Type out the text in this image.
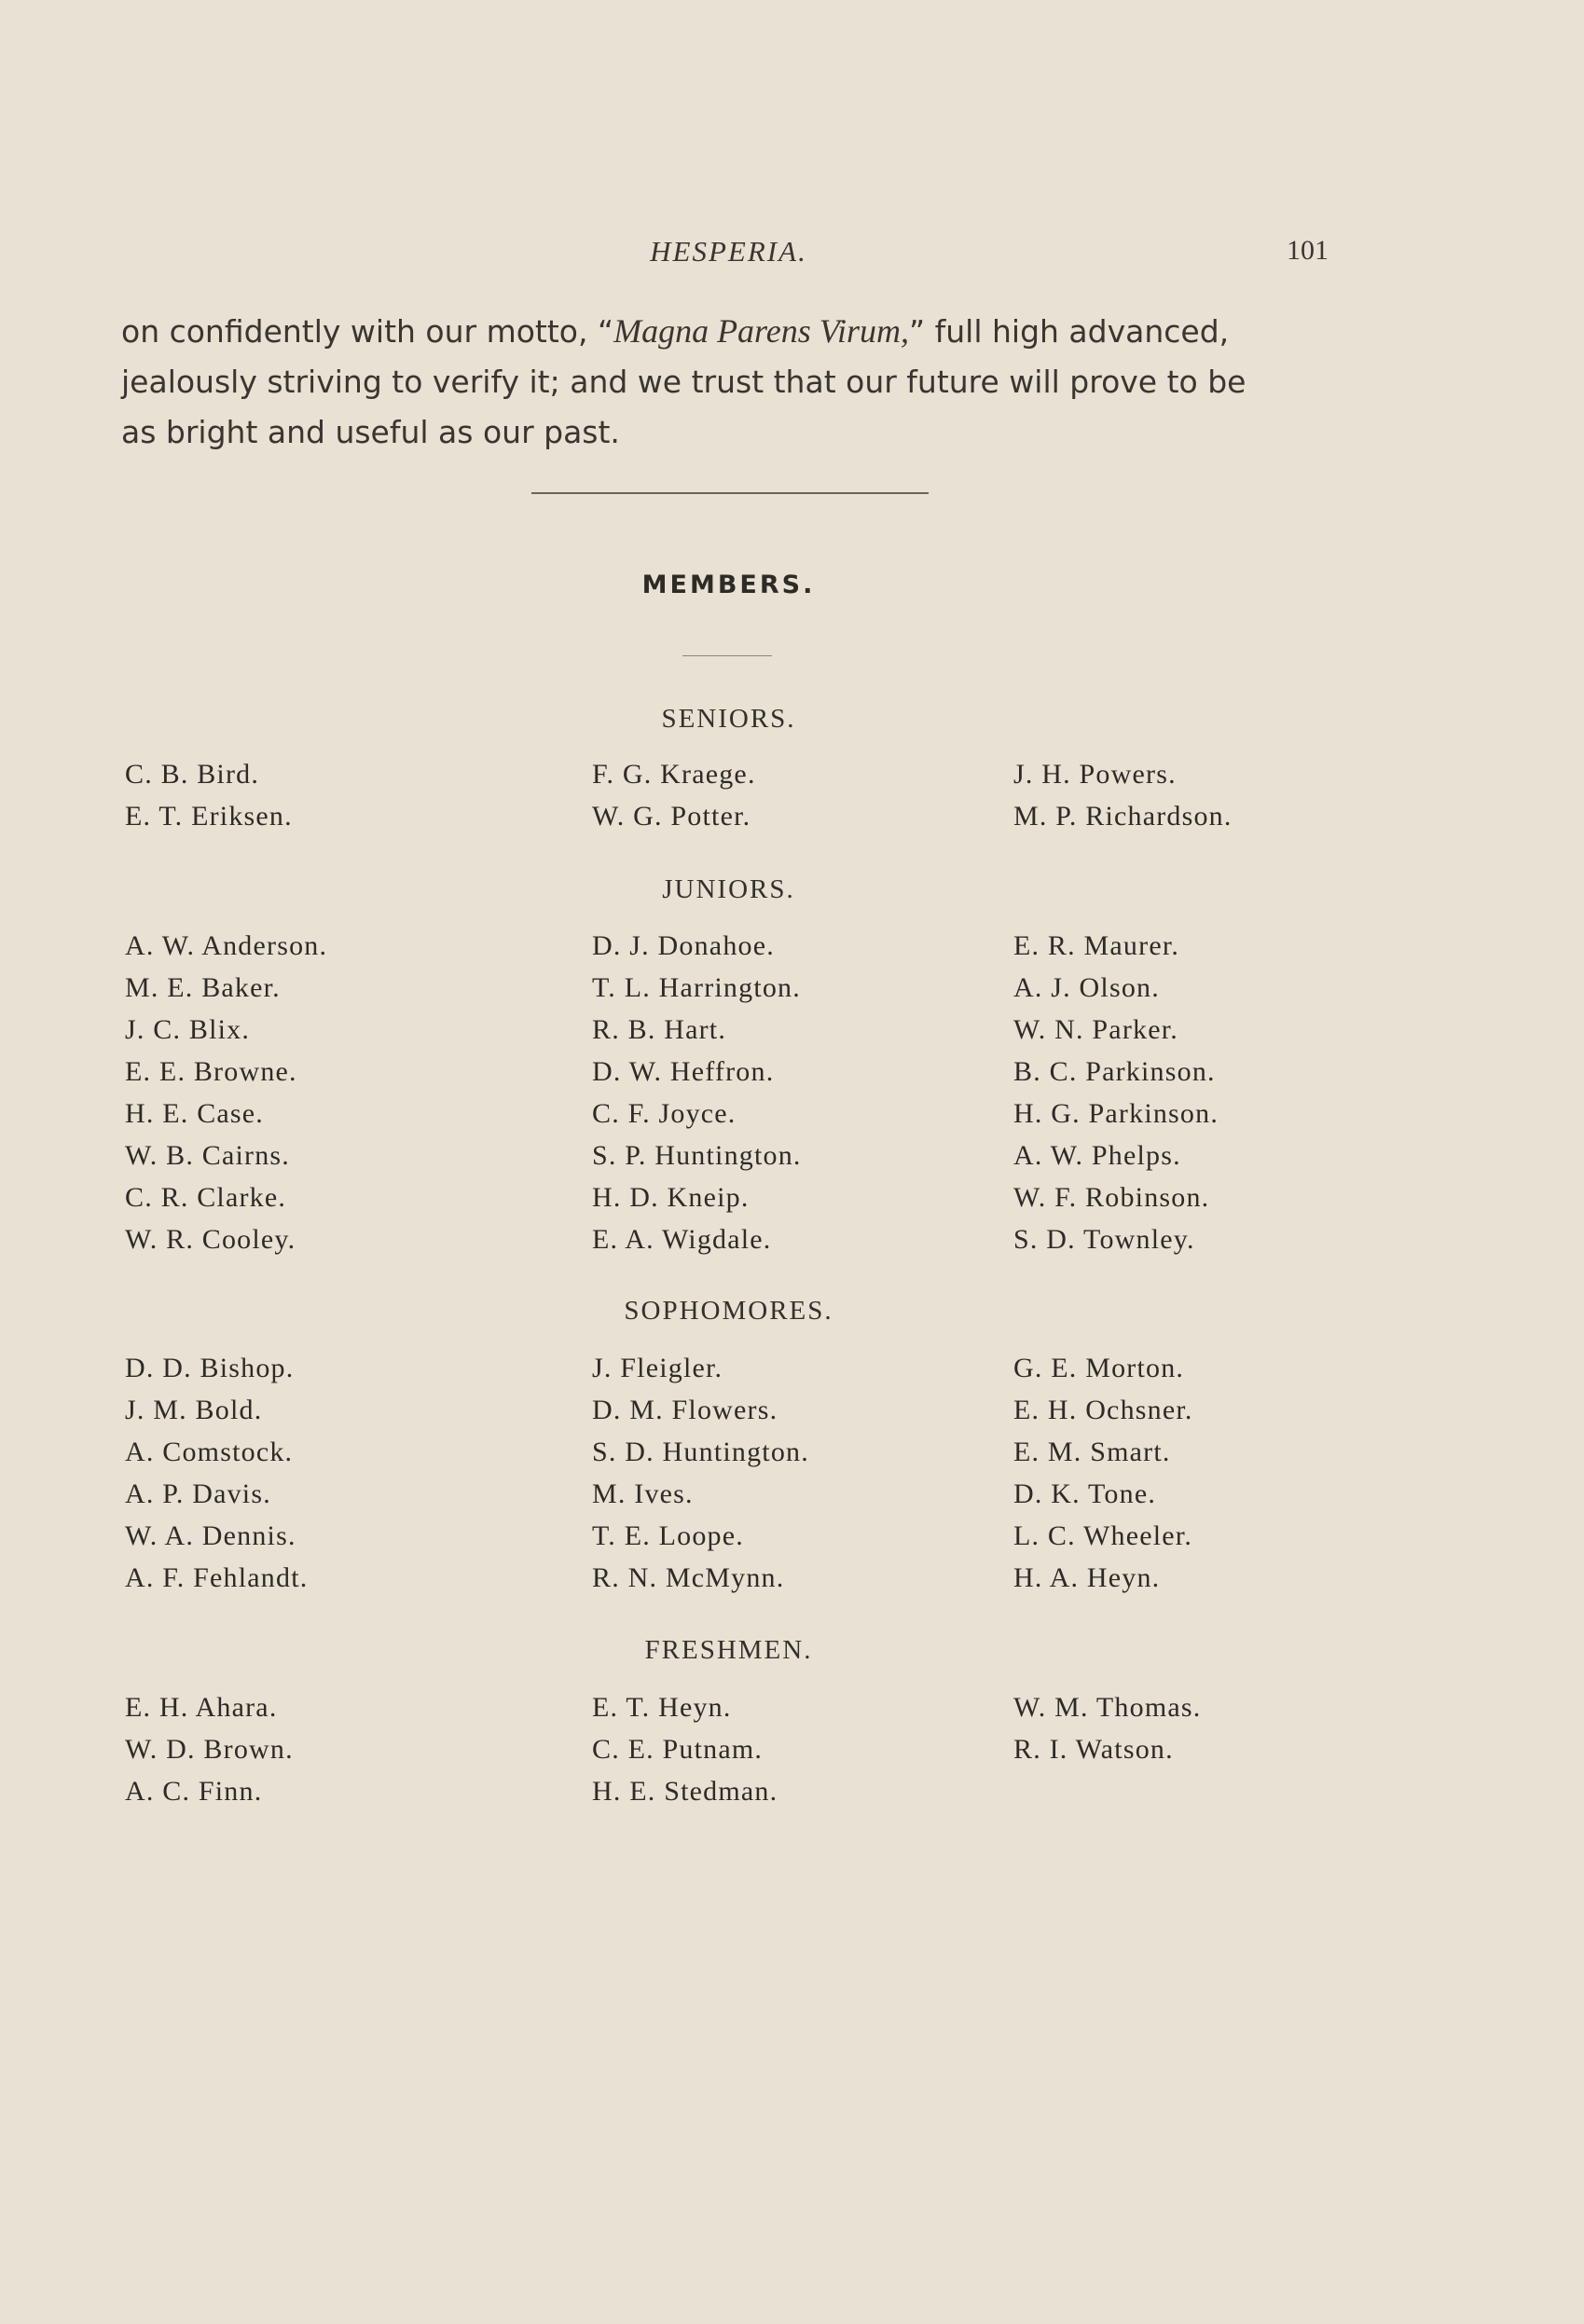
HESPERIA.	101
on confidently with our motto, “Magna Parens Virum,” full high advanced,
jealously striving to verify it; and we trust that our future will prove to be
as bright and useful as our past.
MEMBERS.
SENIORS.
C. B. Bird.
E. T. Eriksen.
F. G. Kraege.
W. G. Potter.
J. H. Powers.
M. P. Richardson.
JUNIORS.
A. W. Anderson.
M. E. Baker.
J. C. Blix.
E. E. Browne.
H. E. Case.
W. B. Cairns.
C. R. Clarke.
W. R. Cooley.
D. J. Donahoe.
T. L. Harrington.
R. B. Hart.
D. W. Heffron.
C. F. Joyce.
S. P. Huntington.
H. D. Kneip.
E. A. Wigdale.
E. R. Maurer.
A. J. Olson.
W. N. Parker.
B. C. Parkinson.
H. G. Parkinson.
A. W. Phelps.
W. F. Robinson.
S. D. Townley.
SOPHOMORES.
D. D. Bishop.
J. M. Bold.
A. Comstock.
A. P. Davis.
W. A. Dennis.
A. F. Fehlandt.
J. Fleigler.
D. M. Flowers.
S. D. Huntington.
M. Ives.
T. E. Loope.
R. N. McMynn.
G. E. Morton.
E. H. Ochsner.
E. M. Smart.
D. K. Tone.
L. C. Wheeler.
H. A. Heyn.
FRESHMEN.
E. H. Ahara.
W. D. Brown.
A. C. Finn.
E. T. Heyn.
C. E. Putnam.
H. E. Stedman.
W. M. Thomas.
R. I. Watson.
